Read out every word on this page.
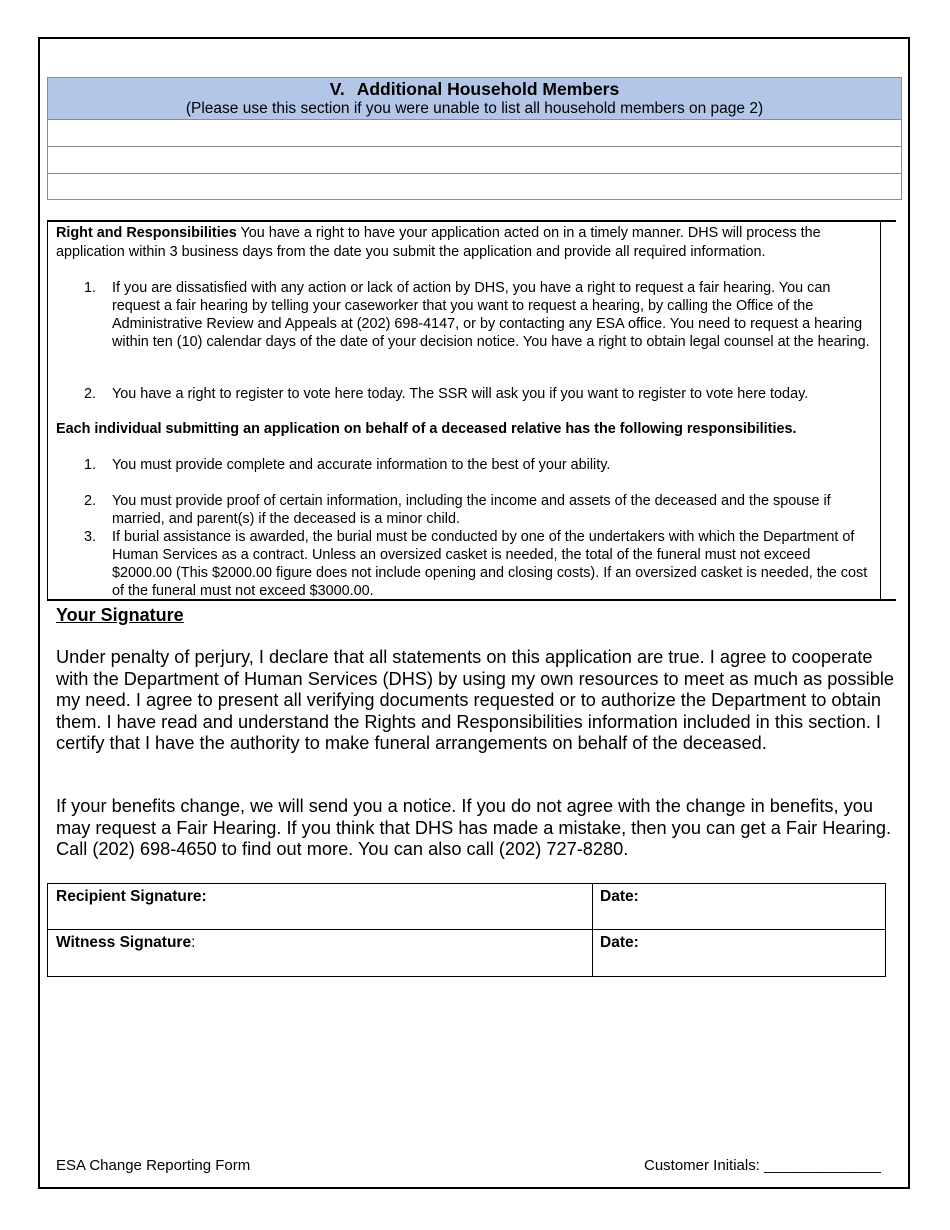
V. Additional Household Members
(Please use this section if you were unable to list all household members on page 2)
Right and Responsibilities You have a right to have your application acted on in a timely manner. DHS will process the application within 3 business days from the date you submit the application and provide all required information.
1.	If you are dissatisfied with any action or lack of action by DHS, you have a right to request a fair hearing. You can request a fair hearing by telling your caseworker that you want to request a hearing, by calling the Office of the Administrative Review and Appeals at (202) 698-4147, or by contacting any ESA office. You need to request a hearing within ten (10) calendar days of the date of your decision notice. You have a right to obtain legal counsel at the hearing.
2.	You have a right to register to vote here today. The SSR will ask you if you want to register to vote here today.
Each individual submitting an application on behalf of a deceased relative has the following responsibilities.
1.	You must provide complete and accurate information to the best of your ability.
2.	You must provide proof of certain information, including the income and assets of the deceased and the spouse if married, and parent(s) if the deceased is a minor child.
3.	If burial assistance is awarded, the burial must be conducted by one of the undertakers with which the Department of Human Services as a contract. Unless an oversized casket is needed, the total of the funeral must not exceed $2000.00 (This $2000.00 figure does not include opening and closing costs). If an oversized casket is needed, the cost of the funeral must not exceed $3000.00.
Your Signature
Under penalty of perjury, I declare that all statements on this application are true. I agree to cooperate with the Department of Human Services (DHS) by using my own resources to meet as much as possible my need. I agree to present all verifying documents requested or to authorize the Department to obtain them. I have read and understand the Rights and Responsibilities information included in this section. I certify that I have the authority to make funeral arrangements on behalf of the deceased.
If your benefits change, we will send you a notice. If you do not agree with the change in benefits, you may request a Fair Hearing. If you think that DHS has made a mistake, then you can get a Fair Hearing. Call (202) 698-4650 to find out more. You can also call (202) 727-8280.
Recipient Signature:	Date:
Witness Signature:	Date:
ESA Change Reporting Form	Customer Initials: ______________
